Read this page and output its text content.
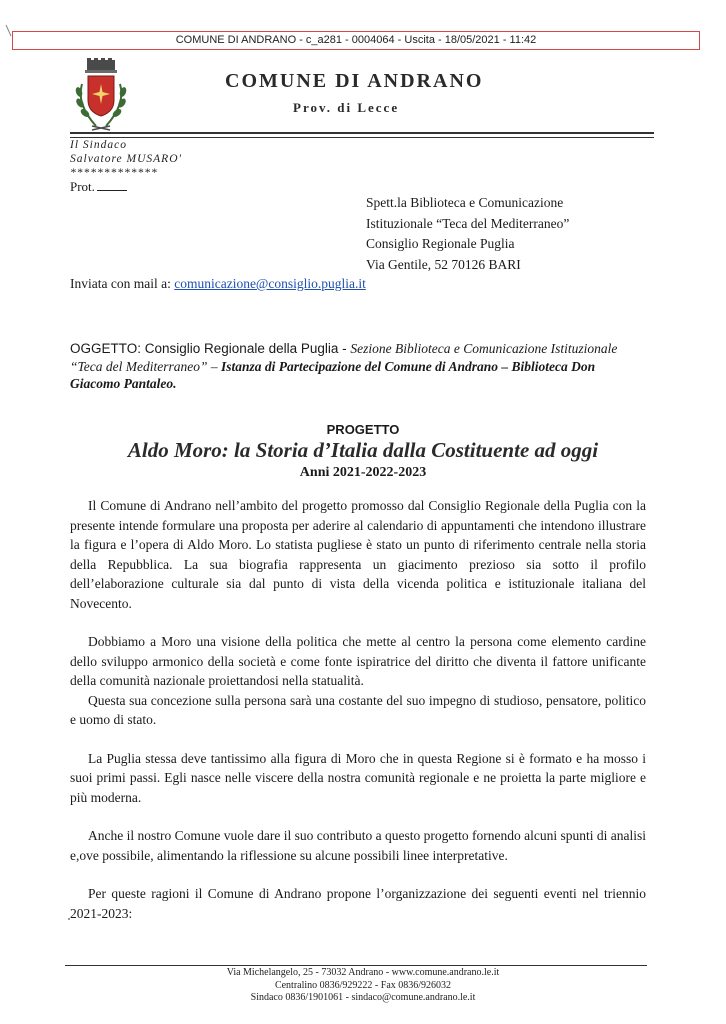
COMUNE DI ANDRANO - c_a281 - 0004064 - Uscita - 18/05/2021 - 11:42
COMUNE DI ANDRANO
Prov. di Lecce
Il Sindaco
Salvatore MUSARO'
*************
Prot.
Spett.la Biblioteca e Comunicazione
Istituzionale “Teca del Mediterraneo”
Consiglio Regionale Puglia
Via Gentile, 52 70126 BARI
Inviata con mail a: comunicazione@consiglio.puglia.it
OGGETTO: Consiglio Regionale della Puglia - Sezione Biblioteca e Comunicazione Istituzionale “Teca del Mediterraneo” – Istanza di Partecipazione del Comune di Andrano – Biblioteca Don Giacomo Pantaleo.
PROGETTO
Aldo Moro: la Storia d’Italia dalla Costituente ad oggi
Anni 2021-2022-2023

Il Comune di Andrano nell’ambito del progetto promosso dal Consiglio Regionale della Puglia con la presente intende formulare una proposta per aderire al calendario di appuntamenti che intendono illustrare la figura e l’opera di Aldo Moro. Lo statista pugliese è stato un punto di riferimento centrale nella storia della Repubblica. La sua biografia rappresenta un giacimento prezioso sia sotto il profilo dell’elaborazione culturale sia dal punto di vista della vicenda politica e istituzionale italiana del Novecento.

Dobbiamo a Moro una visione della politica che mette al centro la persona come elemento cardine dello sviluppo armonico della società e come fonte ispiratrice del diritto che diventa il fattore unificante della comunità nazionale proiettandosi nella statualità.

Questa sua concezione sulla persona sarà una costante del suo impegno di studioso, pensatore, politico e uomo di stato.

La Puglia stessa deve tantissimo alla figura di Moro che in questa Regione si è formato e ha mosso i suoi primi passi. Egli nasce nelle viscere della nostra comunità regionale e ne proietta la parte migliore e più moderna.

Anche il nostro Comune vuole dare il suo contributo a questo progetto fornendo alcuni spunti di analisi e,ove possibile, alimentando la riflessione su alcune possibili linee interpretative.

Per queste ragioni il Comune di Andrano propone l’organizzazione dei seguenti eventi nel triennio 2021-2023:

Via Michelangelo, 25 - 73032 Andrano - www.comune.andrano.le.it
Centralino 0836/929222 - Fax 0836/926032
Sindaco 0836/1901061 - sindaco@comune.andrano.le.it
